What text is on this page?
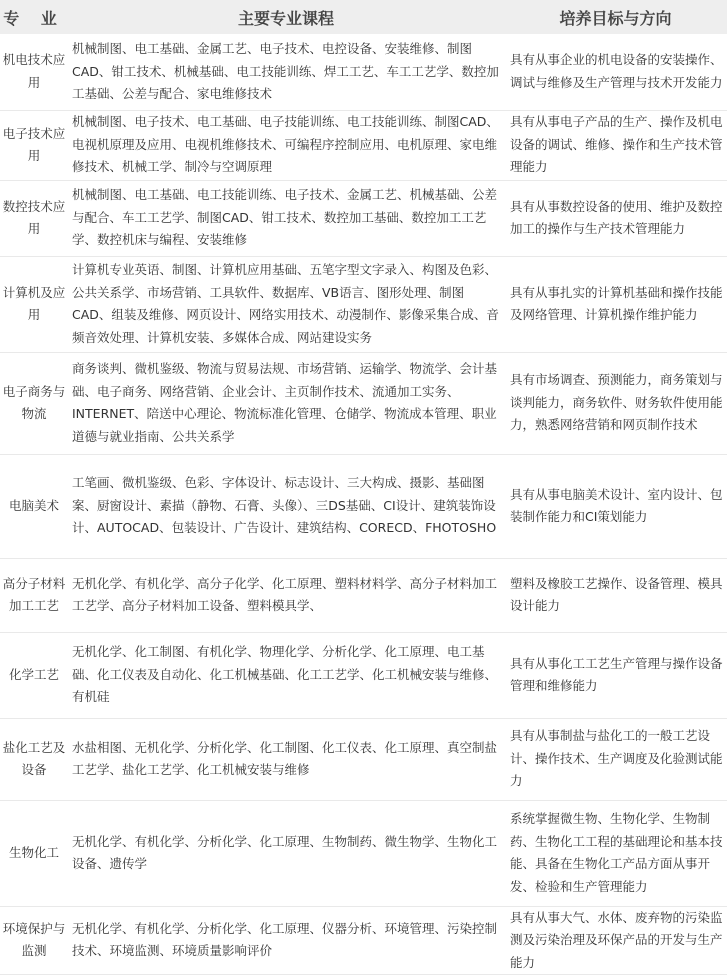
专 业	主要专业课程	培养目标与方向
机电技术应用	机械制图、电工基础、金属工艺、电子技术、电控设备、安装维修、制图CAD、钳工技术、机械基础、电工技能训练、焊工工艺、车工工艺学、数控加工基础、公差与配合、家电维修技术	具有从事企业的机电设备的安装操作、调试与维修及生产管理与技术开发能力
电子技术应用	机械制图、电子技术、电工基础、电子技能训练、电工技能训练、制图CAD、电视机原理及应用、电视机维修技术、可编程序控制应用、电机原理、家电维修技术、机械工学、制冷与空调原理	具有从事电子产品的生产、操作及机电设备的调试、维修、操作和生产技术管理能力
数控技术应用	机械制图、电工基础、电工技能训练、电子技术、金属工艺、机械基础、公差与配合、车工工艺学、制图CAD、钳工技术、数控加工基础、数控加工工艺学、数控机床与编程、安装维修	具有从事数控设备的使用、维护及数控加工的操作与生产技术管理能力
计算机及应用	计算机专业英语、制图、计算机应用基础、五笔字型文字录入、构图及色彩、公共关系学、市场营销、工具软件、数据库、VB语言、图形处理、制图CAD、组装及维修、网页设计、网络实用技术、动漫制作、影像采集合成、音频音效处理、计算机安装、多媒体合成、网站建设实务	具有从事扎实的计算机基础和操作技能及网络管理、计算机操作维护能力
电子商务与物流	商务谈判、微机鉴级、物流与贸易法规、市场营销、运输学、物流学、会计基础、电子商务、网络营销、企业会计、主页制作技术、流通加工实务、INTERNET、陪送中心理论、物流标准化管理、仓储学、物流成本管理、职业道德与就业指南、公共关系学	具有市场调查、预测能力，商务策划与谈判能力，商务软件、财务软件使用能力，熟悉网络营销和网页制作技术
电脑美术	工笔画、微机鉴级、色彩、字体设计、标志设计、三大构成、摄影、基础图案、厨窗设计、素描（静物、石膏、头像）、三DS基础、CI设计、建筑装饰设计、AUTOCAD、包装设计、广告设计、建筑结构、CORECD、FHOTOSHO	具有从事电脑美术设计、室内设计、包装制作能力和CI策划能力
高分子材料加工工艺	无机化学、有机化学、高分子化学、化工原理、塑料材料学、高分子材料加工工艺学、高分子材料加工设备、塑料模具学、	塑料及橡胶工艺操作、设备管理、模具设计能力
化学工艺	无机化学、化工制图、有机化学、物理化学、分析化学、化工原理、电工基础、化工仪表及自动化、化工机械基础、化工工艺学、化工机械安装与维修、有机硅	具有从事化工工艺生产管理与操作设备管理和维修能力
盐化工艺及设备	水盐相图、无机化学、分析化学、化工制图、化工仪表、化工原理、真空制盐工艺学、盐化工艺学、化工机械安装与维修	具有从事制盐与盐化工的一般工艺设计、操作技术、生产调度及化验测试能力
生物化工	无机化学、有机化学、分析化学、化工原理、生物制药、微生物学、生物化工设备、遗传学	系统掌握微生物、生物化学、生物制药、生物化工工程的基础理论和基本技能、具备在生物化工产品方面从事开发、检验和生产管理能力
环境保护与监测	无机化学、有机化学、分析化学、化工原理、仪器分析、环境管理、污染控制技术、环境监测、环境质量影响评价	具有从事大气、水体、废弃物的污染监测及污染治理及环保产品的开发与生产能力
